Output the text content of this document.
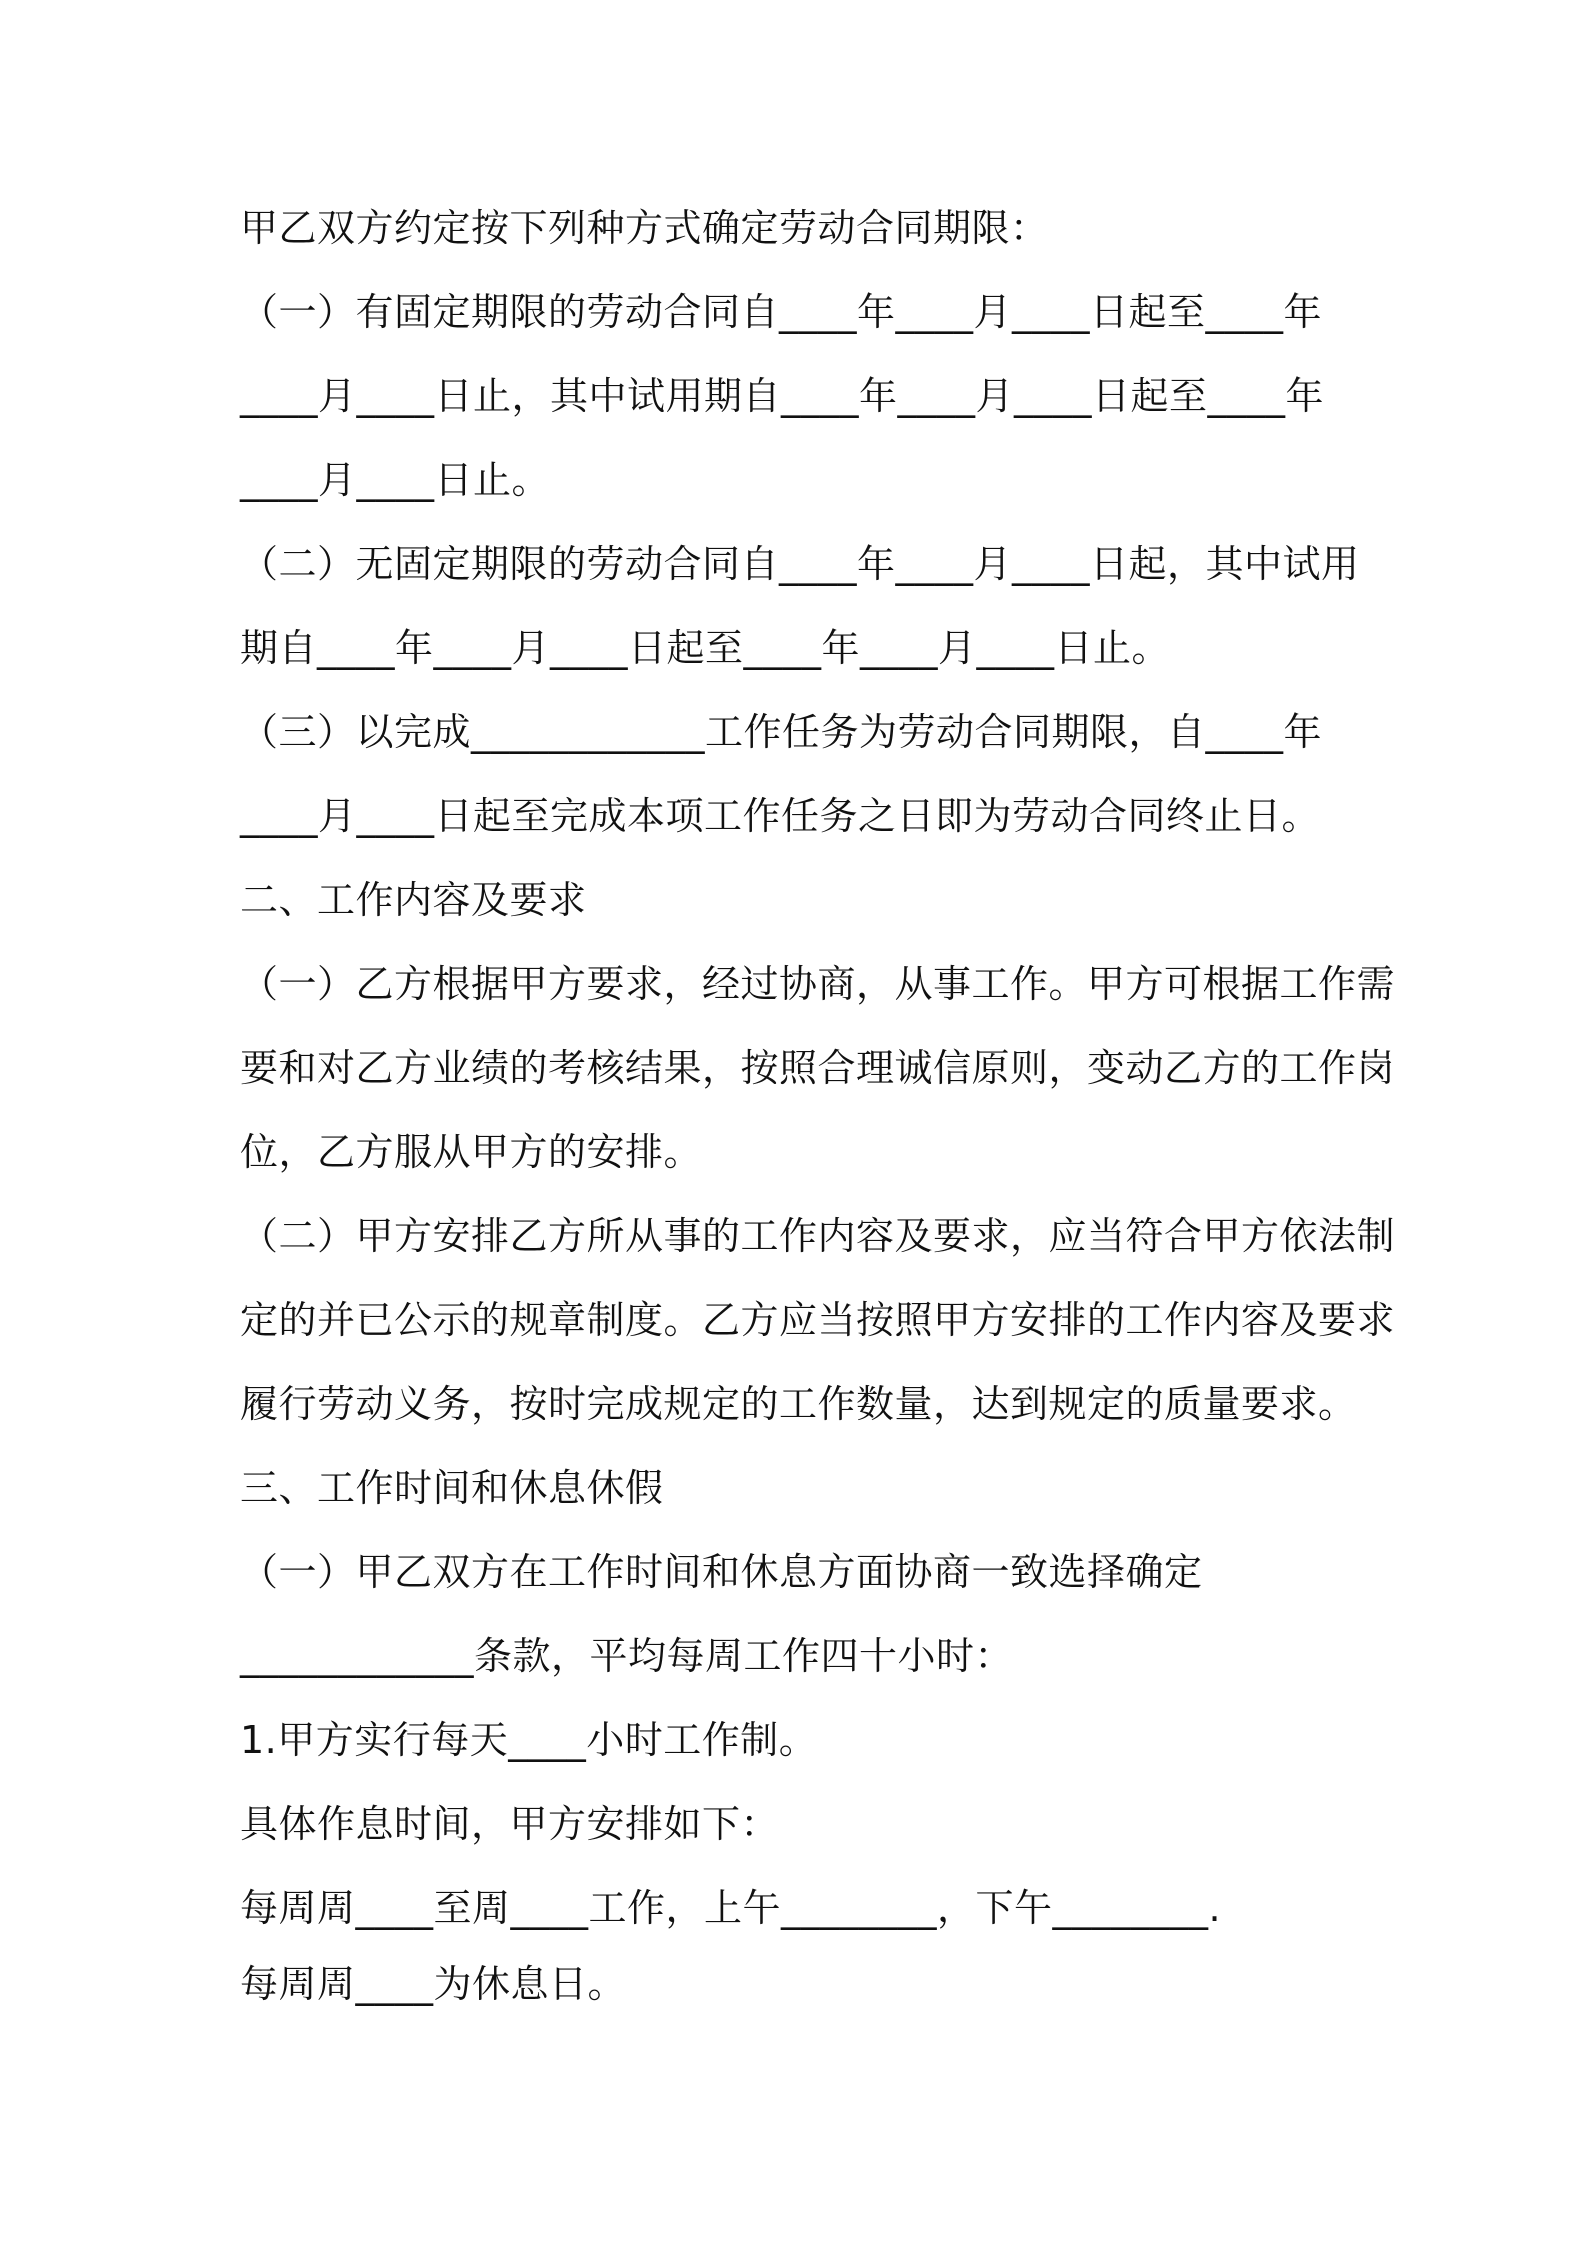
甲乙双方约定按下列种方式确定劳动合同期限：
（一）有固定期限的劳动合同自____年____月____日起至____年
____月____日止，其中试用期自____年____月____日起至____年
____月____日止。
（二）无固定期限的劳动合同自____年____月____日起，其中试用
期自____年____月____日起至____年____月____日止。
（三）以完成____________工作任务为劳动合同期限，自____年
____月____日起至完成本项工作任务之日即为劳动合同终止日。
二、工作内容及要求
（一）乙方根据甲方要求，经过协商，从事工作。甲方可根据工作需
要和对乙方业绩的考核结果，按照合理诚信原则，变动乙方的工作岗
位，乙方服从甲方的安排。
（二）甲方安排乙方所从事的工作内容及要求，应当符合甲方依法制
定的并已公示的规章制度。乙方应当按照甲方安排的工作内容及要求
履行劳动义务，按时完成规定的工作数量，达到规定的质量要求。
三、工作时间和休息休假
（一）甲乙双方在工作时间和休息方面协商一致选择确定
____________条款，平均每周工作四十小时：
1.甲方实行每天____小时工作制。
具体作息时间，甲方安排如下：
每周周____至周____工作，上午________，下午________.
每周周____为休息日。
